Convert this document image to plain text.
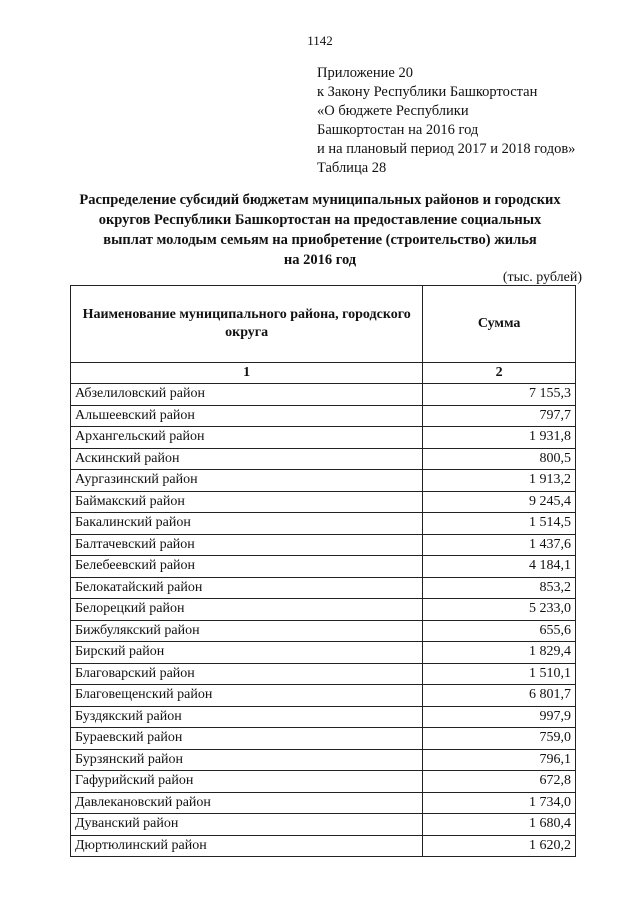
1142
Приложение 20
к Закону Республики Башкортостан
«О бюджете Республики
Башкортостан на 2016 год
и на плановый период 2017 и 2018 годов»
Таблица 28
Распределение субсидий бюджетам муниципальных районов и городских
округов Республики Башкортостан на предоставление социальных
выплат молодым семьям на приобретение (строительство) жилья
на 2016 год
(тыс. рублей)
Наименование муниципального района, городского округа	Сумма
1	2
Абзелиловский район	7 155,3
Альшеевский район	797,7
Архангельский район	1 931,8
Аскинский район	800,5
Аургазинский район	1 913,2
Баймакский район	9 245,4
Бакалинский район	1 514,5
Балтачевский район	1 437,6
Белебеевский район	4 184,1
Белокатайский район	853,2
Белорецкий район	5 233,0
Бижбулякский район	655,6
Бирский район	1 829,4
Благоварский район	1 510,1
Благовещенский район	6 801,7
Буздякский район	997,9
Бураевский район	759,0
Бурзянский район	796,1
Гафурийский район	672,8
Давлекановский район	1 734,0
Дуванский район	1 680,4
Дюртюлинский район	1 620,2
